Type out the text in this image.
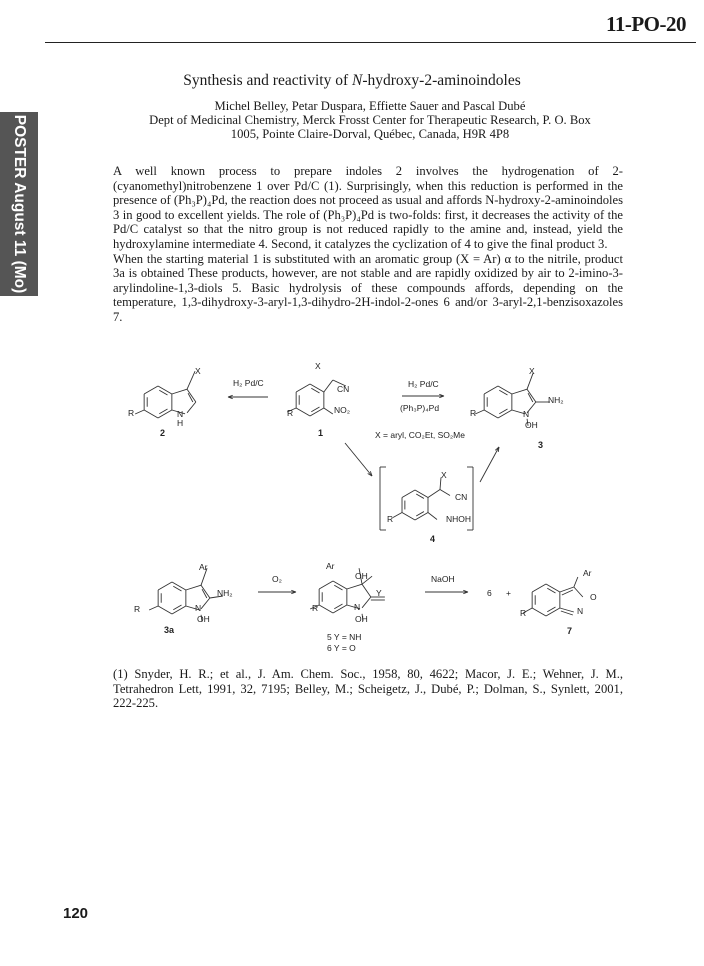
11-PO-20
POSTER August 11 (Mo)
Synthesis and reactivity of N-hydroxy-2-aminoindoles
Michel Belley, Petar Duspara, Effiette Sauer and Pascal Dubé
Dept of Medicinal Chemistry, Merck Frosst Center for Therapeutic Research, P. O. Box
1005, Pointe Claire-Dorval, Québec, Canada, H9R 4P8

A well known process to prepare indoles 2 involves the hydrogenation of 2-(cyanomethyl)nitrobenzene 1 over Pd/C (1). Surprisingly, when this reduction is performed in the presence of (Ph₃P)₄Pd, the reaction does not proceed as usual and affords N-hydroxy-2-aminoindoles 3 in good to excellent yields. The role of (Ph₃P)₄Pd is two-folds: first, it decreases the activity of the Pd/C catalyst so that the nitro group is not reduced rapidly to the amine and, instead, yield the hydroxylamine intermediate 4. Second, it catalyzes the cyclization of 4 to give the final product 3.

When the starting material 1 is substituted with an aromatic group (X = Ar) α to the nitrile, product 3a is obtained These products, however, are not stable and are rapidly oxidized by air to 2-imino-3-arylindoline-1,3-diols 5. Basic hydrolysis of these compounds affords, depending on the temperature, 1,3-dihydroxy-3-aryl-1,3-dihydro-2H-indol-2-ones 6 and/or 3-aryl-2,1-benzisoxazoles 7.

X
R	N
H
2
H₂ Pd/C
X
CN
NO₂
R
1
H₂ Pd/C
(Ph₃P)₄Pd
X = aryl, CO₂Et, SO₂Me
X
NH₂
N
OH
R
3
X
CN
NHOH
R
4
Ar
NH₂
N
OH
R
3a
O₂
Ar
OH
Y
N
OH
R
5 Y = NH
6 Y = O
NaOH
6 +
Ar
O
N
R
7
(1) Snyder, H. R.; et al., J. Am. Chem. Soc., 1958, 80, 4622; Macor, J. E.; Wehner, J. M., Tetrahedron Lett, 1991, 32, 7195; Belley, M.; Scheigetz, J., Dubé, P.; Dolman, S., Synlett, 2001, 222-225.
120
